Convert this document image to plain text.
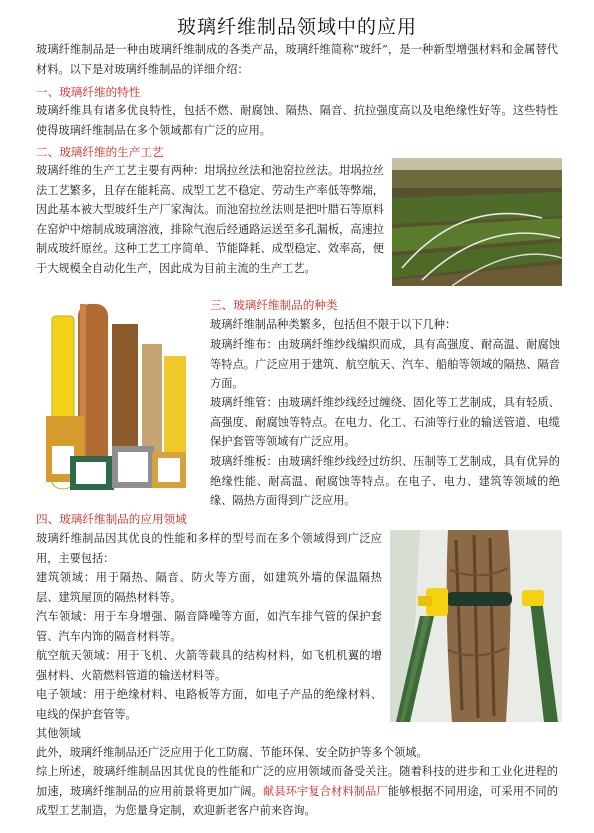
玻璃纤维制品领域中的应用
玻璃纤维制品是一种由玻璃纤维制成的各类产品，玻璃纤维简称“玻纤”，是一种新型增强材料和金属替代材料。以下是对玻璃纤维制品的详细介绍：
一、玻璃纤维的特性
玻璃纤维具有诸多优良特性，包括不燃、耐腐蚀、隔热、隔音、抗拉强度高以及电绝缘性好等。这些特性使得玻璃纤维制品在多个领域都有广泛的应用。
二、玻璃纤维的生产工艺
玻璃纤维的生产工艺主要有两种：坩埚拉丝法和池窑拉丝法。坩埚拉丝法工艺繁多，且存在能耗高、成型工艺不稳定、劳动生产率低等弊端，因此基本被大型玻纤生产厂家淘汰。而池窑拉丝法则是把叶腊石等原料在窑炉中熔制成玻璃溶液，排除气泡后经通路运送至多孔漏板，高速拉制成玻纤原丝。这种工艺工序简单、节能降耗、成型稳定、效率高，便于大规模全自动化生产，因此成为目前主流的生产工艺。
三、玻璃纤维制品的种类
玻璃纤维制品种类繁多，包括但不限于以下几种：
玻璃纤维布：由玻璃纤维纱线编织而成，具有高强度、耐高温、耐腐蚀等特点。广泛应用于建筑、航空航天、汽车、船舶等领域的隔热、隔音方面。
玻璃纤维管：由玻璃纤维纱线经过缠绕、固化等工艺制成，具有轻质、高强度、耐腐蚀等特点。在电力、化工、石油等行业的输送管道、电缆保护套管等领域有广泛应用。
玻璃纤维板：由玻璃纤维纱线经过纺织、压制等工艺制成，具有优异的绝缘性能、耐高温、耐腐蚀等特点。在电子、电力、建筑等领域的绝缘、隔热方面得到广泛应用。
四、玻璃纤维制品的应用领域
玻璃纤维制品因其优良的性能和多样的型号而在多个领域得到广泛应用，主要包括：
建筑领域：用于隔热、隔音、防火等方面，如建筑外墙的保温隔热层、建筑屋顶的隔热材料等。
汽车领域：用于车身增强、隔音降噪等方面，如汽车排气管的保护套管、汽车内饰的隔音材料等。
航空航天领域：用于飞机、火箭等载具的结构材料，如飞机机翼的增强材料、火箭燃料管道的输送材料等。
电子领域：用于绝缘材料、电路板等方面，如电子产品的绝缘材料、电线的保护套管等。
其他领域
此外，玻璃纤维制品还广泛应用于化工防腐、节能环保、安全防护等多个领域。
综上所述，玻璃纤维制品因其优良的性能和广泛的应用领域而备受关注。随着科技的进步和工业化进程的加速，玻璃纤维制品的应用前景将更加广阔。献县环宇复合材料制品厂能够根据不同用途，可采用不同的成型工艺制造，为您量身定制，欢迎新老客户前来咨询。
